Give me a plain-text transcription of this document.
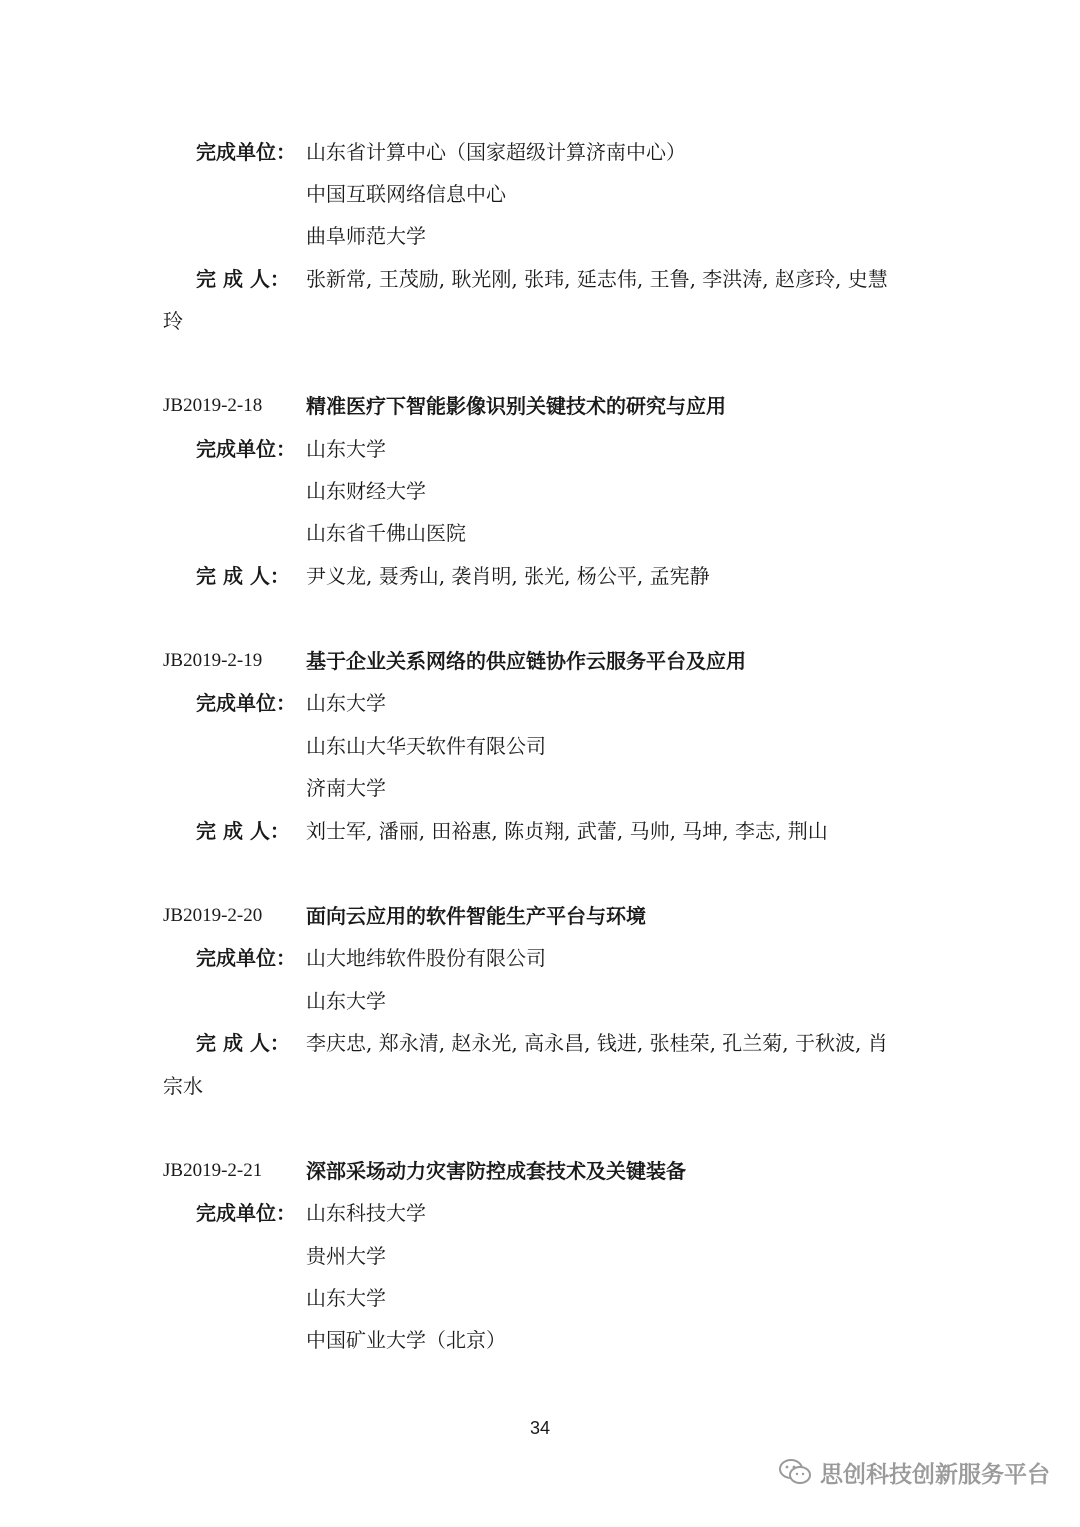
完成单位： 山东省计算中心（国家超级计算济南中心）
中国互联网络信息中心
曲阜师范大学
完 成 人： 张新常, 王茂励, 耿光刚, 张玮, 延志伟, 王鲁, 李洪涛, 赵彦玲, 史慧
玲
JB2019-2-18 精准医疗下智能影像识别关键技术的研究与应用
完成单位： 山东大学
山东财经大学
山东省千佛山医院
完 成 人： 尹义龙, 聂秀山, 袭肖明, 张光, 杨公平, 孟宪静
JB2019-2-19 基于企业关系网络的供应链协作云服务平台及应用
完成单位： 山东大学
山东山大华天软件有限公司
济南大学
完 成 人： 刘士军, 潘丽, 田裕惠, 陈贞翔, 武蕾, 马帅, 马坤, 李志, 荆山
JB2019-2-20 面向云应用的软件智能生产平台与环境
完成单位： 山大地纬软件股份有限公司
山东大学
完 成 人： 李庆忠, 郑永清, 赵永光, 高永昌, 钱进, 张桂荣, 孔兰菊, 于秋波, 肖
宗水
JB2019-2-21 深部采场动力灾害防控成套技术及关键装备
完成单位： 山东科技大学
贵州大学
山东大学
中国矿业大学（北京）
34
思创科技创新服务平台
